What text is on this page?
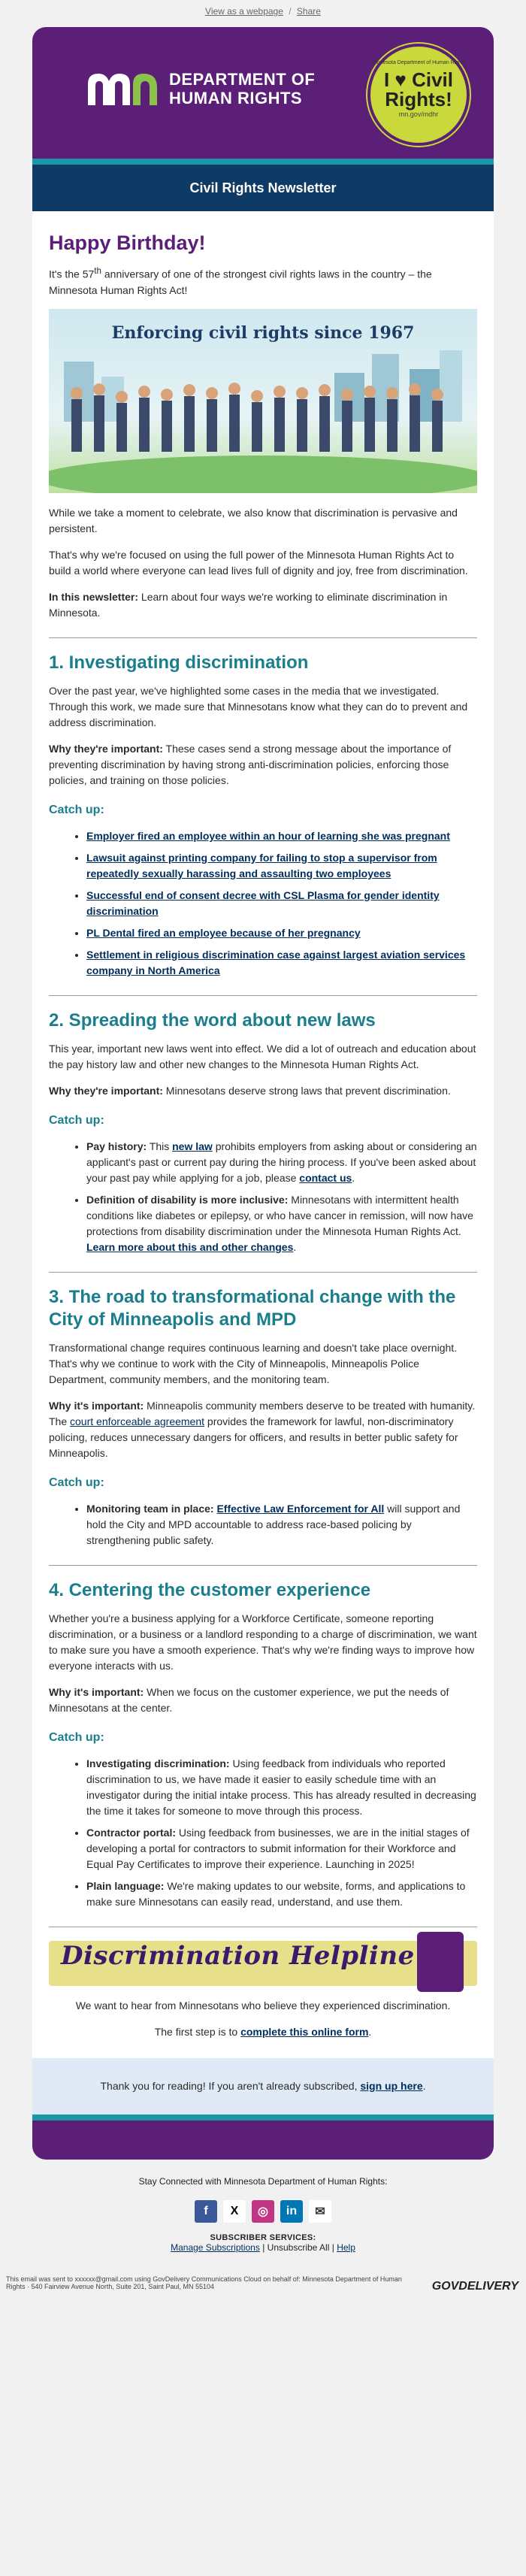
View as a webpage / Share
DEPARTMENT OF
HUMAN RIGHTS
Minnesota Department of Human Rights
I ♥ Civil Rights!
mn.gov/mdhr
Civil Rights Newsletter
Happy Birthday!

It's the 57th anniversary of one of the strongest civil rights laws in the country – the Minnesota Human Rights Act!

Enforcing civil rights since 1967

While we take a moment to celebrate, we also know that discrimination is pervasive and persistent.

That's why we're focused on using the full power of the Minnesota Human Rights Act to build a world where everyone can lead lives full of dignity and joy, free from discrimination.

In this newsletter: Learn about four ways we're working to eliminate discrimination in Minnesota.

1. Investigating discrimination

Over the past year, we've highlighted some cases in the media that we investigated. Through this work, we made sure that Minnesotans know what they can do to prevent and address discrimination.

Why they're important: These cases send a strong message about the importance of preventing discrimination by having strong anti-discrimination policies, enforcing those policies, and training on those policies.

Catch up:
• Employer fired an employee within an hour of learning she was pregnant
• Lawsuit against printing company for failing to stop a supervisor from repeatedly sexually harassing and assaulting two employees
• Successful end of consent decree with CSL Plasma for gender identity discrimination
• PL Dental fired an employee because of her pregnancy
• Settlement in religious discrimination case against largest aviation services company in North America
2. Spreading the word about new laws

This year, important new laws went into effect. We did a lot of outreach and education about the pay history law and other new changes to the Minnesota Human Rights Act.

Why they're important: Minnesotans deserve strong laws that prevent discrimination.

Catch up:
• Pay history: This new law prohibits employers from asking about or considering an applicant's past or current pay during the hiring process. If you've been asked about your past pay while applying for a job, please contact us.
• Definition of disability is more inclusive: Minnesotans with intermittent health conditions like diabetes or epilepsy, or who have cancer in remission, will now have protections from disability discrimination under the Minnesota Human Rights Act. Learn more about this and other changes.
3. The road to transformational change with the City of Minneapolis and MPD

Transformational change requires continuous learning and doesn't take place overnight. That's why we continue to work with the City of Minneapolis, Minneapolis Police Department, community members, and the monitoring team.

Why it's important: Minneapolis community members deserve to be treated with humanity. The court enforceable agreement provides the framework for lawful, non-discriminatory policing, reduces unnecessary dangers for officers, and results in better public safety for Minneapolis.

Catch up:
• Monitoring team in place: Effective Law Enforcement for All will support and hold the City and MPD accountable to address race-based policing by strengthening public safety.
4. Centering the customer experience

Whether you're a business applying for a Workforce Certificate, someone reporting discrimination, or a business or a landlord responding to a charge of discrimination, we want to make sure you have a smooth experience. That's why we're finding ways to improve how everyone interacts with us.

Why it's important: When we focus on the customer experience, we put the needs of Minnesotans at the center.

Catch up:
• Investigating discrimination: Using feedback from individuals who reported discrimination to us, we have made it easier to easily schedule time with an investigator during the initial intake process. This has already resulted in decreasing the time it takes for someone to move through this process.
• Contractor portal: Using feedback from businesses, we are in the initial stages of developing a portal for contractors to submit information for their Workforce and Equal Pay Certificates to improve their experience. Launching in 2025!
• Plain language: We're making updates to our website, forms, and applications to make sure Minnesotans can easily read, understand, and use them.
Discrimination Helpline

We want to hear from Minnesotans who believe they experienced discrimination.

The first step is to complete this online form.

Thank you for reading! If you aren't already subscribed, sign up here.
Stay Connected with Minnesota Department of Human Rights:
f	X	◎	in	✉
SUBSCRIBER SERVICES:
Manage Subscriptions | Unsubscribe All | Help
This email was sent to xxxxxx@gmail.com using GovDelivery Communications Cloud on behalf of: Minnesota Department of Human Rights · 540 Fairview Avenue North, Suite 201, Saint Paul, MN 55104	GOVDELIVERY
